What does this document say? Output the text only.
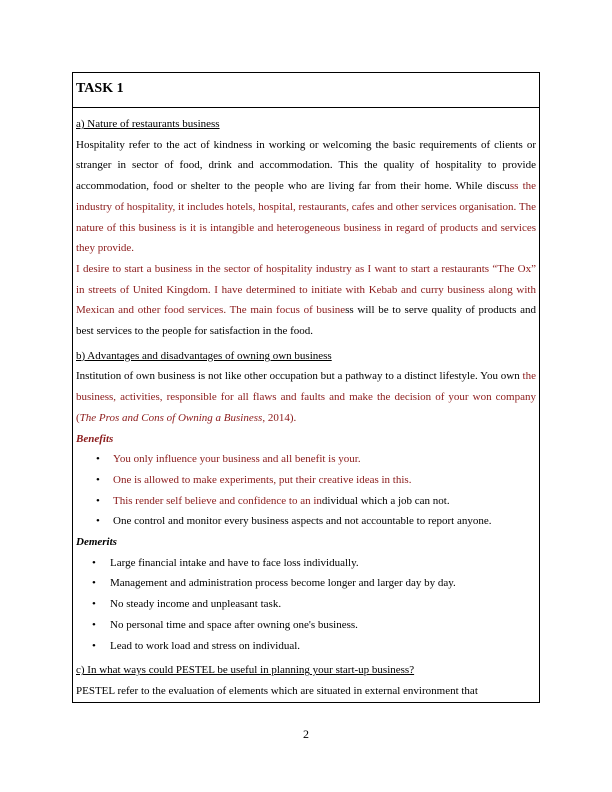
TASK 1
a) Nature of restaurants business

Hospitality refer to the act of kindness in working or welcoming the basic requirements of clients or stranger in sector of food, drink and accommodation. This the quality of hospitality to provide accommodation, food or shelter to the people who are living far from their home. While discuss the industry of hospitality, it includes hotels, hospital, restaurants, cafes and other services organisation. The nature of this business is it is intangible and heterogeneous business in regard of products and services they provide.

I desire to start a business in the sector of hospitality industry as I want to start a restaurants “The Ox” in streets of United Kingdom. I have determined to initiate with Kebab and curry business along with Mexican and other food services. The main focus of business will be to serve quality of products and best services to the people for satisfaction in the food.

b) Advantages and disadvantages of owning own business

Institution of own business is not like other occupation but a pathway to a distinct lifestyle. You own the business, activities, responsible for all flaws and faults and make the decision of your won company (The Pros and Cons of Owning a Business, 2014).

Benefits
• You only influence your business and all benefit is your.
• One is allowed to make experiments, put their creative ideas in this.
• This render self believe and confidence to an individual which a job can not.
• One control and monitor every business aspects and not accountable to report anyone.
Demerits
• Large financial intake and have to face loss individually.
• Management and administration process become longer and larger day by day.
• No steady income and unpleasant task.
• No personal time and space after owning one's business.
• Lead to work load and stress on individual.
c) In what ways could PESTEL be useful in planning your start-up business?

PESTEL refer to the evaluation of elements which are situated in external environment that

2
